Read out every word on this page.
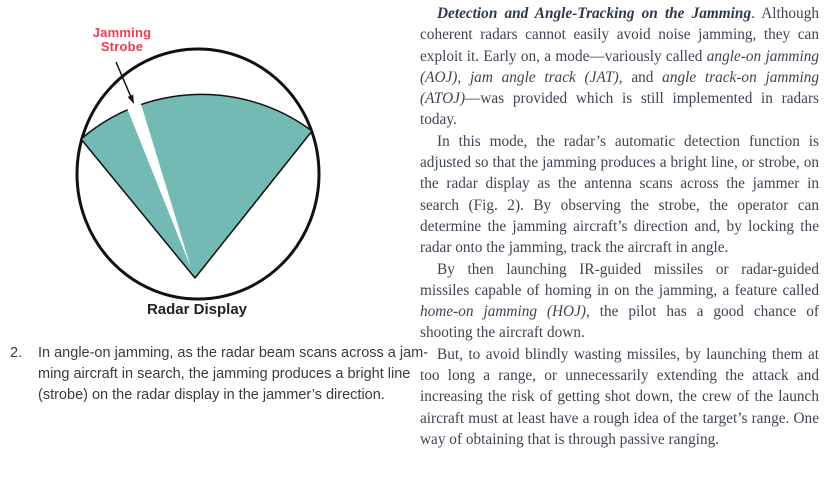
Jamming
Strobe
Radar Display
2.	In angle-on jamming, as the radar beam scans across a jam-
ming aircraft in search, the jamming produces a bright line
(strobe) on the radar display in the jammer’s direction.

Detection and Angle-Tracking on the Jamming. Although coherent radars cannot easily avoid noise jamming, they can exploit it. Early on, a mode—variously called angle-on jamming (AOJ), jam angle track (JAT), and angle track-on jamming (ATOJ)—was provided which is still implemented in radars today.

In this mode, the radar’s automatic detection function is adjusted so that the jamming produces a bright line, or strobe, on the radar display as the antenna scans across the jammer in search (Fig. 2). By observing the strobe, the operator can determine the jamming aircraft’s direction and, by locking the radar onto the jamming, track the aircraft in angle.

By then launching IR-guided missiles or radar-guided missiles capable of homing in on the jamming, a feature called home-on jamming (HOJ), the pilot has a good chance of shooting the aircraft down.

But, to avoid blindly wasting missiles, by launching them at too long a range, or unnecessarily extending the attack and increasing the risk of getting shot down, the crew of the launch aircraft must at least have a rough idea of the target’s range. One way of obtaining that is through passive ranging.
